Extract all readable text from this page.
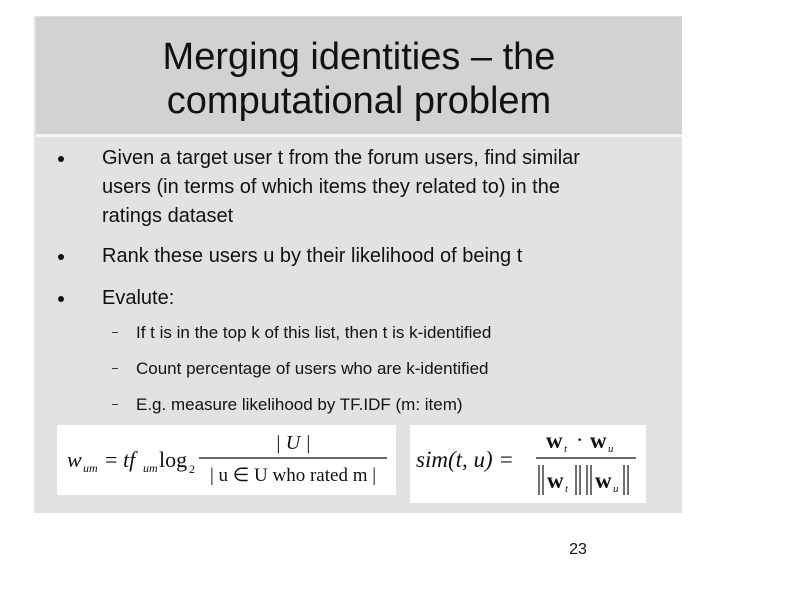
Merging identities – the
computational problem
Given a target user t from the forum users, find similar
users (in terms of which items they related to) in the
ratings dataset
Rank these users u by their likelihood of being t
Evalute:
If t is in the top k of this list, then t is k-identified
Count percentage of users who are k-identified
E.g. measure likelihood by TF.IDF (m: item)
w um = tf um log 2
| U |
| u ∈ U who rated m |
sim(t, u) =
w t · w u
w t w u
23
